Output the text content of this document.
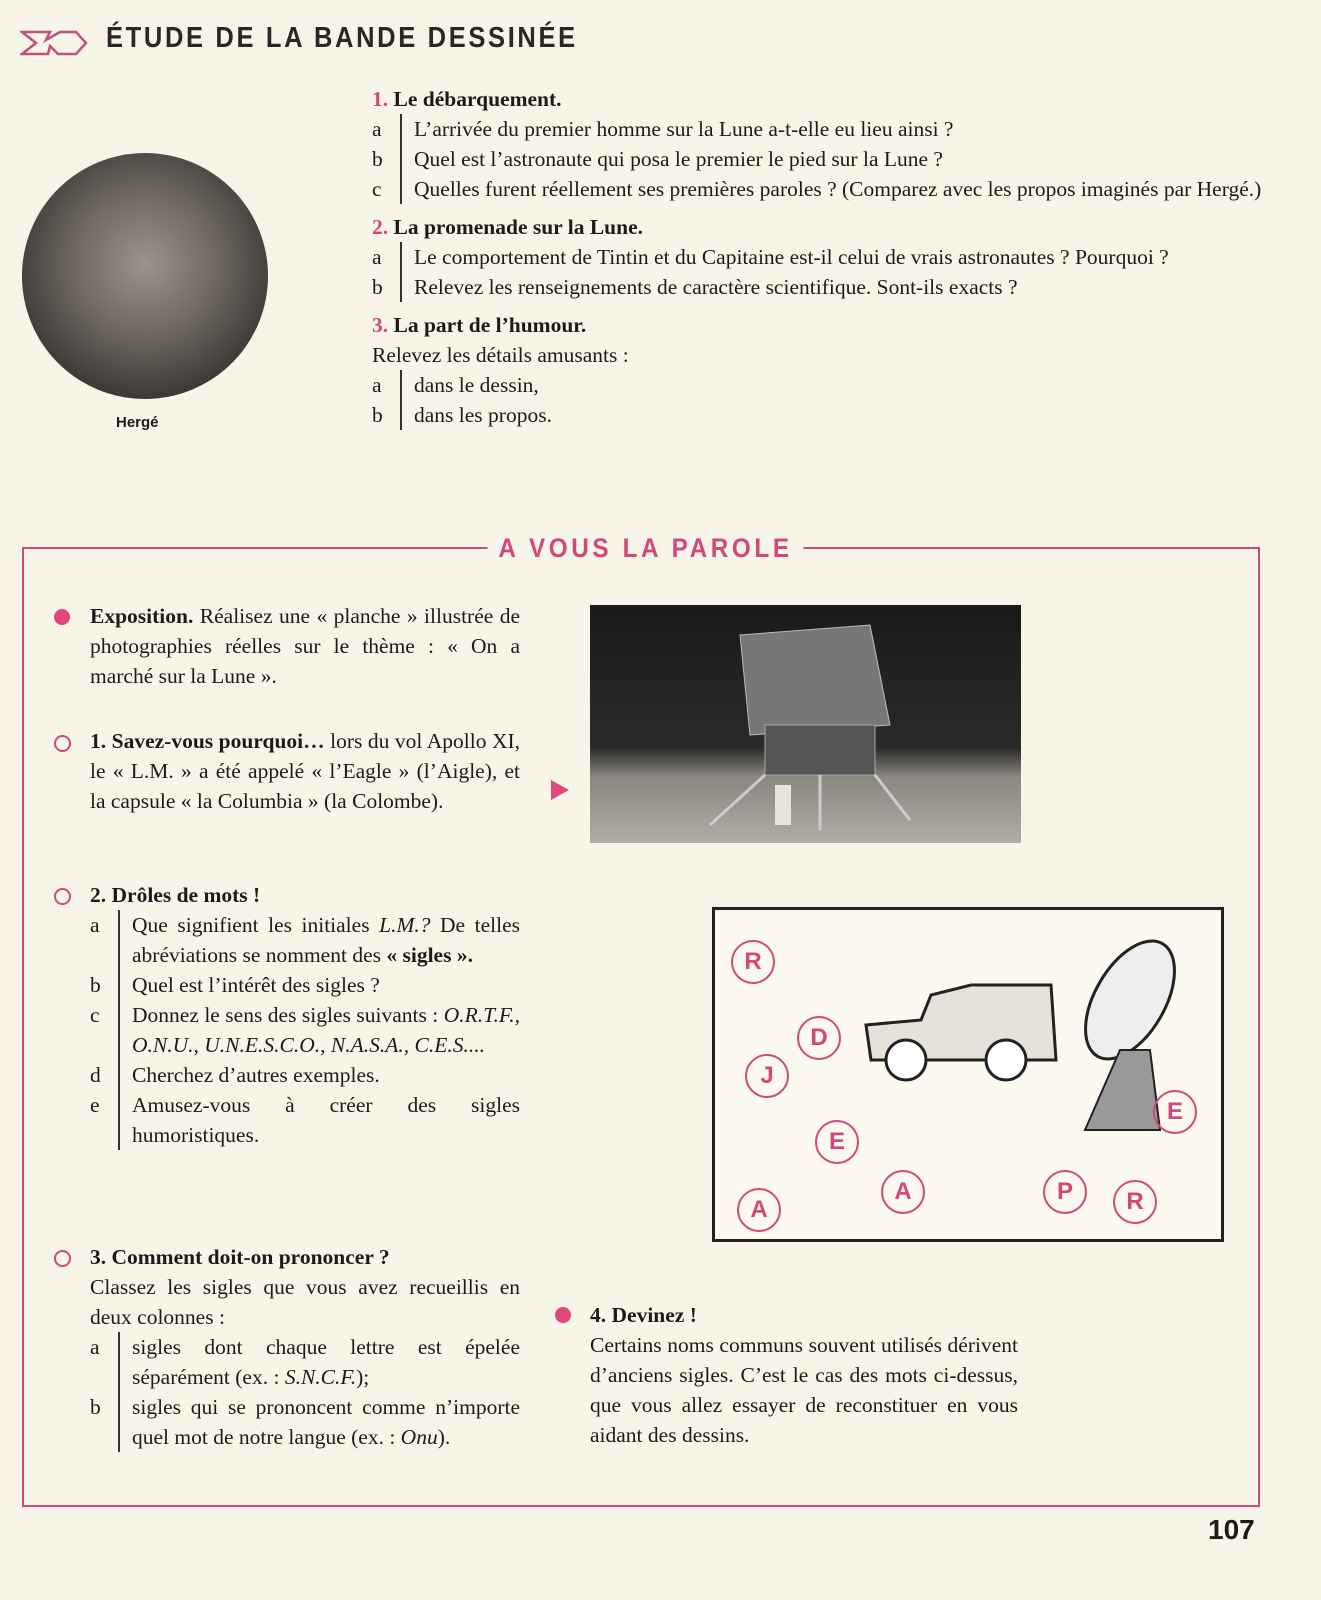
ÉTUDE DE LA BANDE DESSINÉE
1. Le débarquement.
a	L’arrivée du premier homme sur la Lune a-t-elle eu lieu ainsi ?
b	Quel est l’astronaute qui posa le premier le pied sur la Lune ?
c	Quelles furent réellement ses premières paroles ? (Comparez avec les propos imaginés par Hergé.)
2. La promenade sur la Lune.
a	Le comportement de Tintin et du Capitaine est-il celui de vrais astronautes ? Pourquoi ?
b	Relevez les renseignements de caractère scientifique. Sont-ils exacts ?
3. La part de l’humour.
Relevez les détails amusants :
a	dans le dessin,
b	dans les propos.
Hergé
A VOUS LA PAROLE
Exposition. Réalisez une « planche » illustrée de photographies réelles sur le thème : « On a marché sur la Lune ».
1. Savez-vous pourquoi… lors du vol Apollo XI, le « L.M. » a été appelé « l’Eagle » (l’Aigle), et la capsule « la Columbia » (la Colombe).
2. Drôles de mots !
a	Que signifient les initiales L.M.? De telles abréviations se nomment des « sigles ».
b	Quel est l’intérêt des sigles ?
c	Donnez le sens des sigles suivants : O.R.T.F., O.N.U., U.N.E.S.C.O., N.A.S.A., C.E.S....
d	Cherchez d’autres exemples.
e	Amusez-vous à créer des sigles humoristiques.
3. Comment doit-on prononcer ?
Classez les sigles que vous avez recueillis en deux colonnes :
a	sigles dont chaque lettre est épelée séparément (ex. : S.N.C.F.);
b	sigles qui se prononcent comme n’importe quel mot de notre langue (ex. : Onu).
R
D
J
E
A
A
E
P	R
4. Devinez !
Certains noms communs souvent utilisés dérivent d’anciens sigles. C’est le cas des mots ci-dessus, que vous allez essayer de reconstituer en vous aidant des dessins.
107
